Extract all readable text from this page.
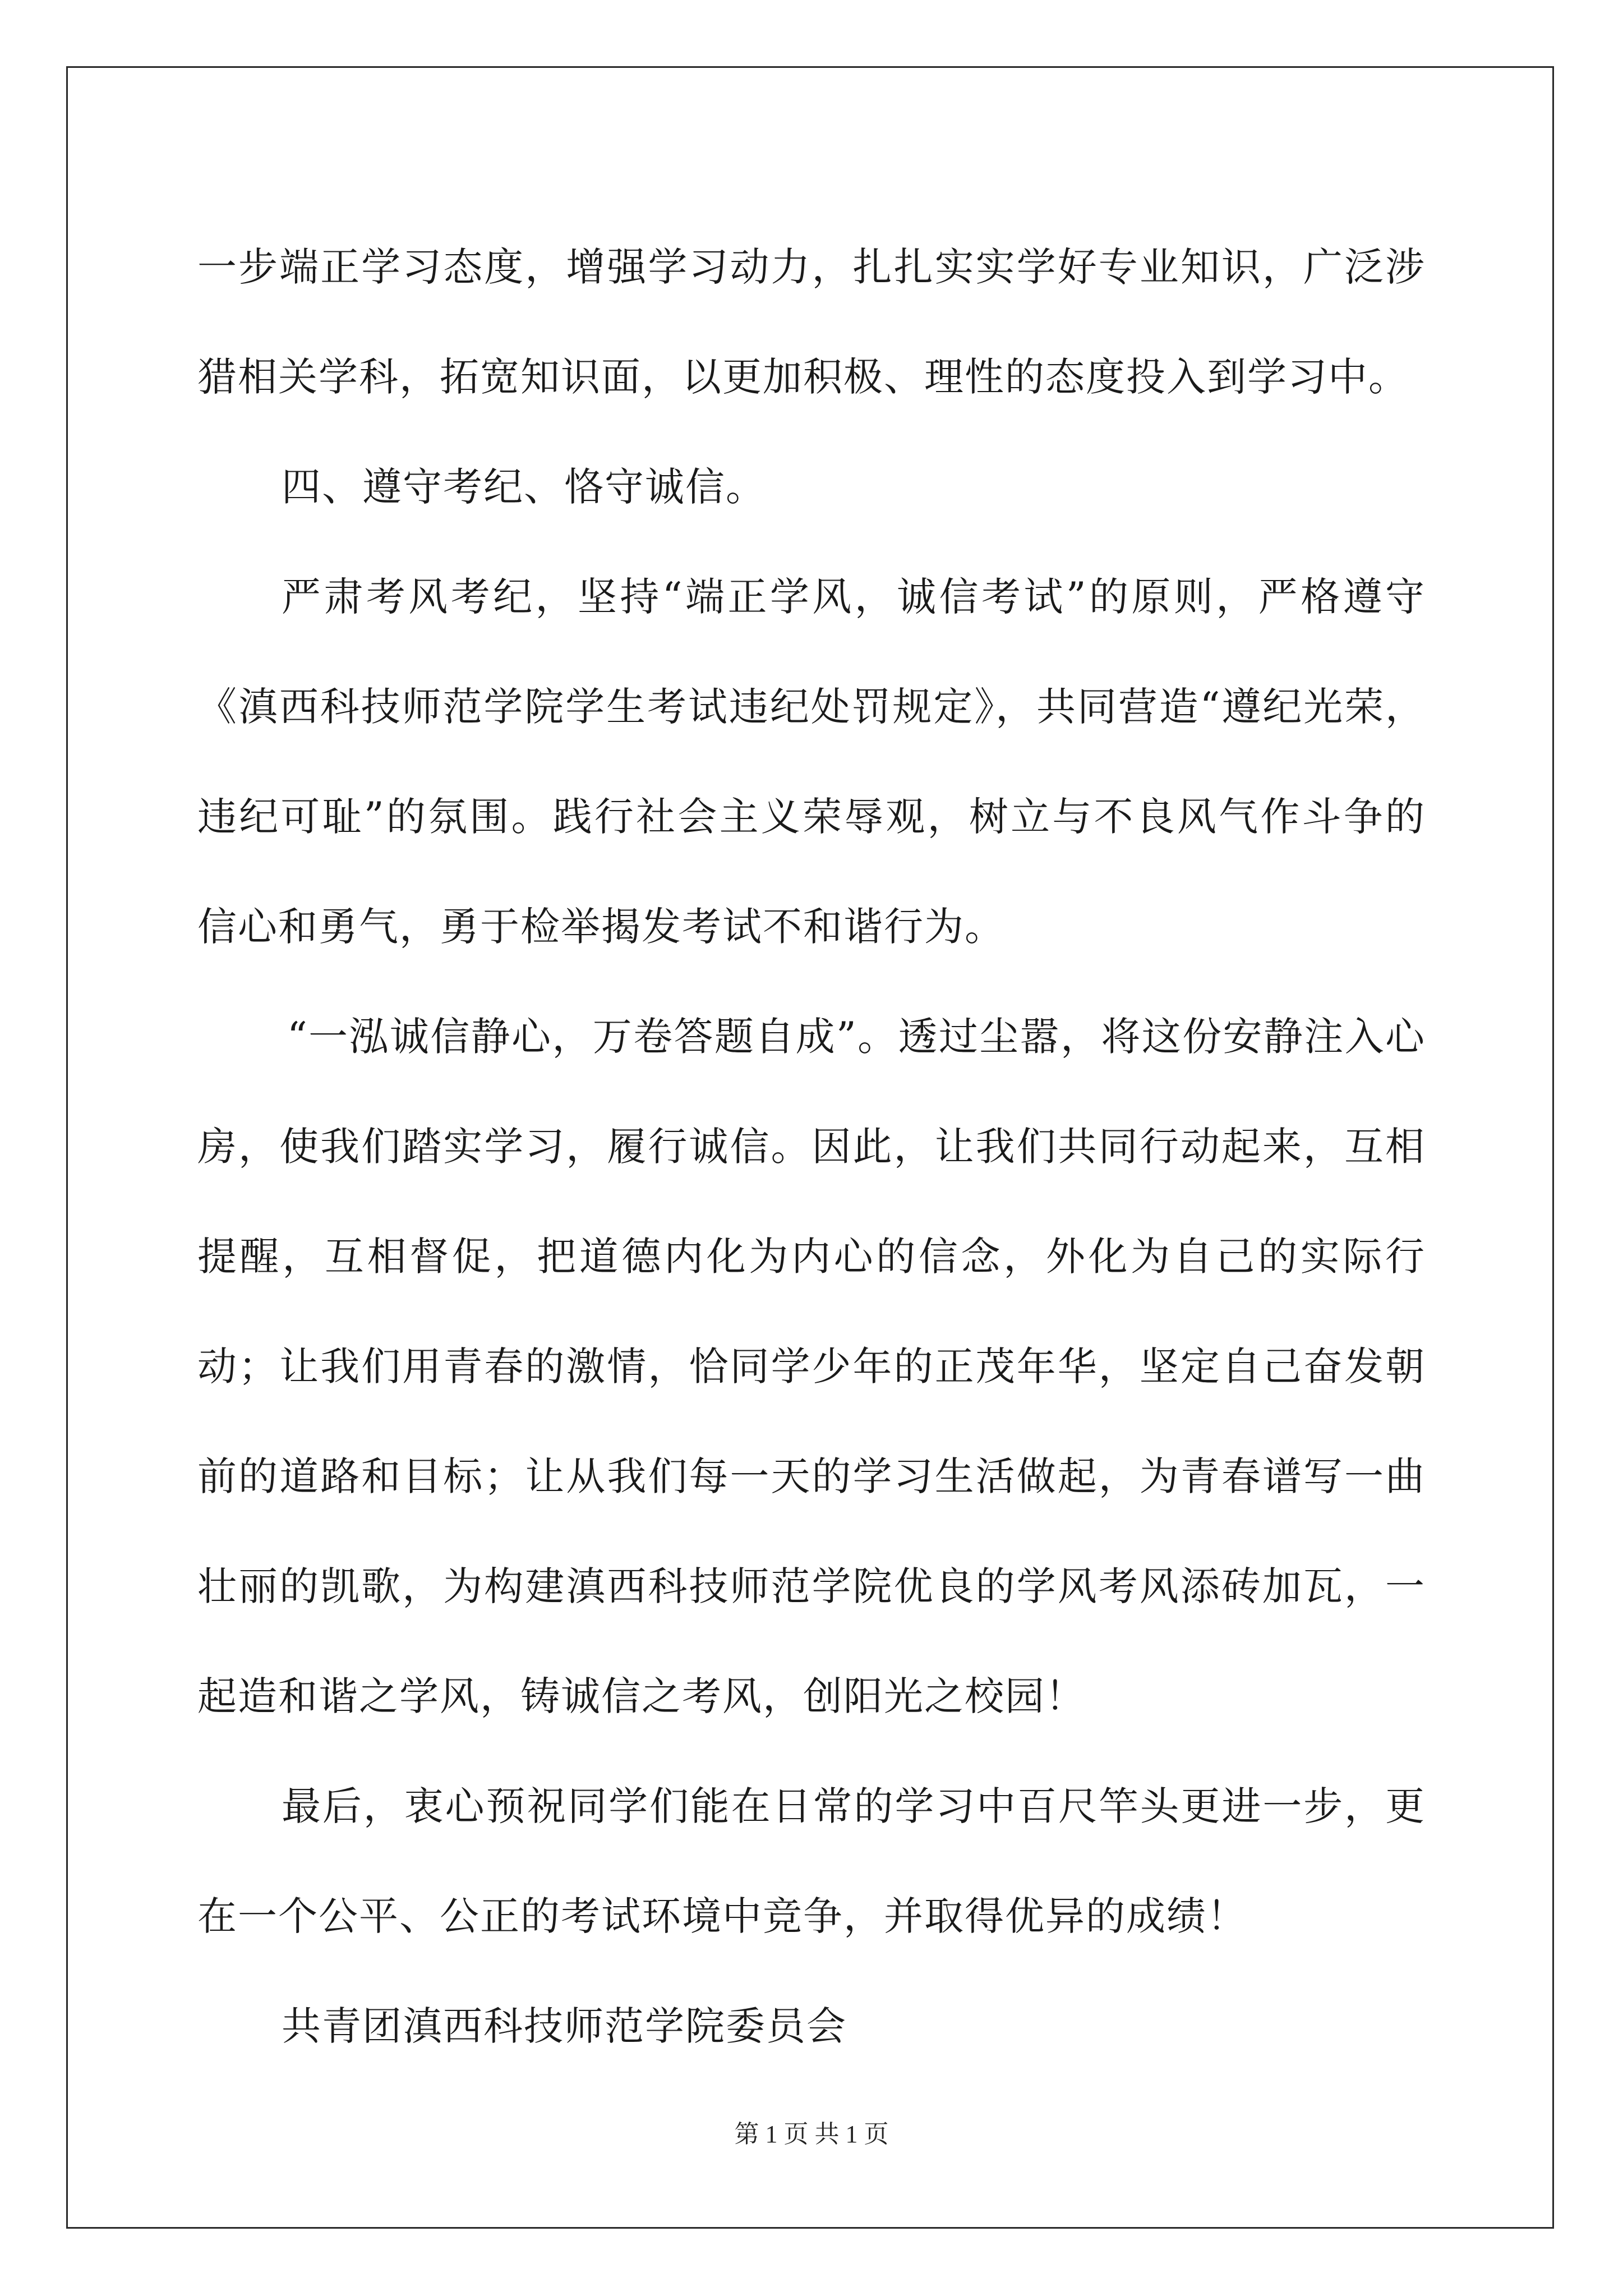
一步端正学习态度，增强学习动力，扎扎实实学好专业知识，广泛涉猎相关学科，拓宽知识面，以更加积极、理性的态度投入到学习中。

四、遵守考纪、恪守诚信。

严肃考风考纪，坚持“端正学风，诚信考试”的原则，严格遵守《滇西科技师范学院学生考试违纪处罚规定》，共同营造“遵纪光荣，违纪可耻”的氛围。践行社会主义荣辱观，树立与不良风气作斗争的信心和勇气，勇于检举揭发考试不和谐行为。

“一泓诚信静心，万卷答题自成”。透过尘嚣，将这份安静注入心房，使我们踏实学习，履行诚信。因此，让我们共同行动起来，互相提醒，互相督促，把道德内化为内心的信念，外化为自己的实际行动；让我们用青春的激情，恰同学少年的正茂年华，坚定自己奋发朝前的道路和目标；让从我们每一天的学习生活做起，为青春谱写一曲壮丽的凯歌，为构建滇西科技师范学院优良的学风考风添砖加瓦，一起造和谐之学风，铸诚信之考风，创阳光之校园！

最后，衷心预祝同学们能在日常的学习中百尺竿头更进一步，更在一个公平、公正的考试环境中竞争，并取得优异的成绩！

共青团滇西科技师范学院委员会

第 1 页 共 1 页
